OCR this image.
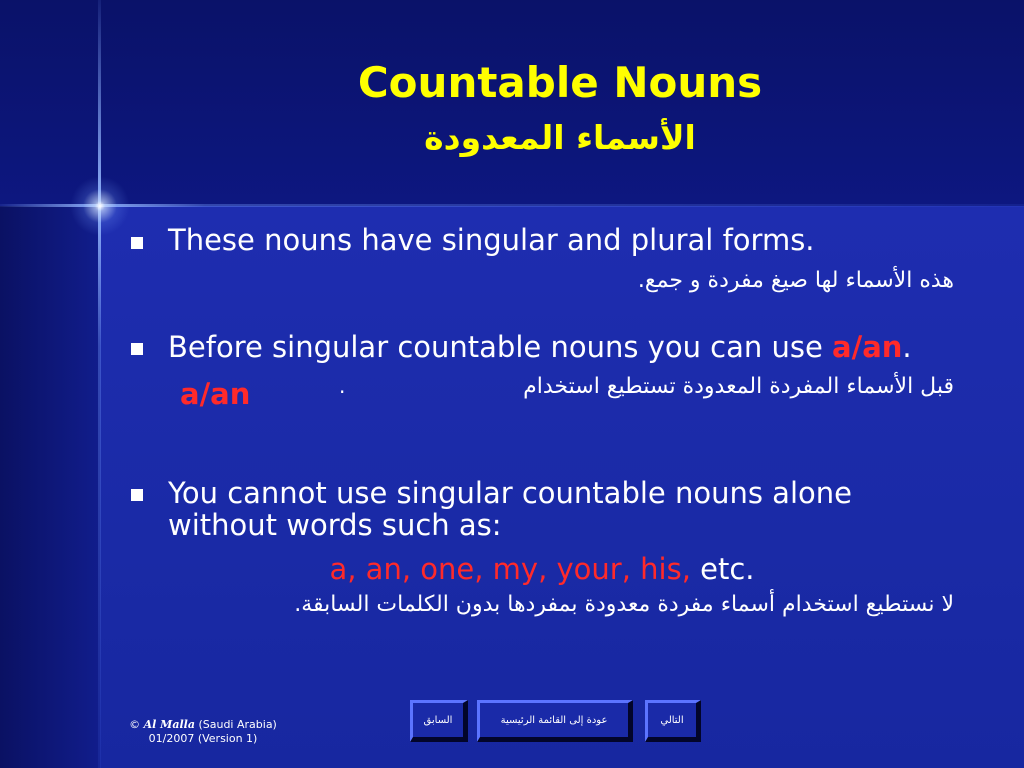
Countable Nouns
الأسماء المعدودة
These nouns have singular and plural forms.
هذه الأسماء لها صيغ مفردة و جمع.
Before singular countable nouns you can use a/an.
قبل الأسماء المفردة المعدودة تستطيع استخدام
.
a/an
You cannot use singular countable nouns alone
without words such as:
a, an, one, my, your, his, etc.
لا نستطيع استخدام أسماء مفردة معدودة بمفردها بدون الكلمات السابقة.
© Al Malla (Saudi Arabia)
01/2007 (Version 1)
السابق	عودة إلى القائمة الرئيسية	التالي
